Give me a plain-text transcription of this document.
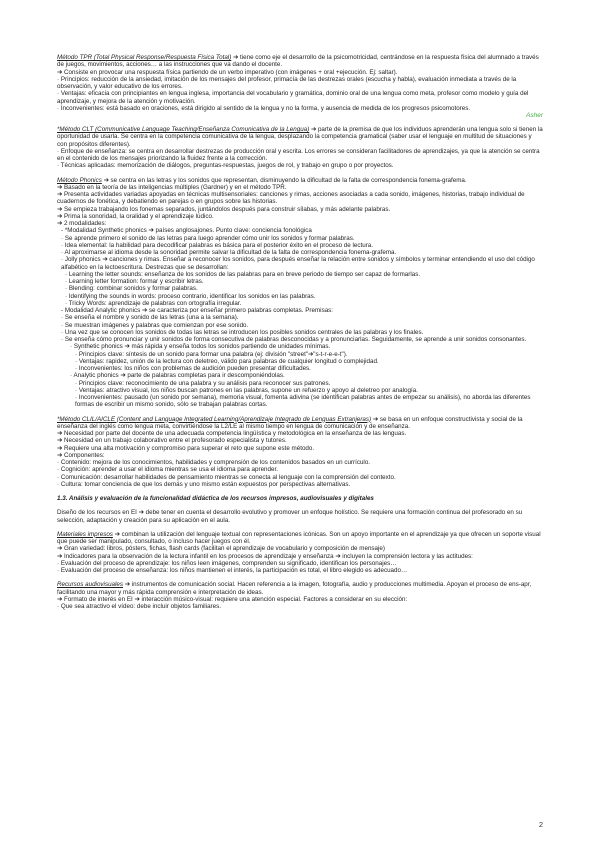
Método TPR (Total Physical Response/Respuesta Física Total) ➔ tiene como eje el desarrollo de la psicomotricidad, centrándose en la respuesta física del alumnado a través de juegos, movimientos, acciones… a las instrucciones que va dando el docente.

➔ Consiste en provocar una respuesta física partiendo de un verbo imperativo (con imágenes + oral +ejecución. Ej: saltar).

· Principios: reducción de la ansiedad, imitación de los mensajes del profesor, primacía de las destrezas orales (escucha y habla), evaluación inmediata a través de la observación, y valor educativo de los errores.

· Ventajas: eficacia con principiantes en lengua inglesa, importancia del vocabulario y gramática, dominio oral de una lengua como meta, profesor como modelo y guía del aprendizaje, y mejora de la atención y motivación.

· Inconvenientes: está basado en oraciones, está dirigido al sentido de la lengua y no la forma, y ausencia de medida de los progresos psicomotores.

Asher

*Método CLT (Communicative Language Teaching/Enseñanza Comunicativa de la Lengua) ➔ parte de la premisa de que los individuos aprenderán una lengua solo si tienen la oportunidad de usarla. Se centra en la competencia comunicativa de la lengua, desplazando la competencia gramatical (saber usar el lenguaje en multitud de situaciones y con propósitos diferentes).

· Enfoque de enseñanza: se centra en desarrollar destrezas de producción oral y escrita. Los errores se consideran facilitadores de aprendizajes, ya que la atención se centra en el contenido de los mensajes priorizando la fluidez frente a la corrección.

· Técnicas aplicadas: memorización de diálogos, preguntas-respuestas, juegos de rol, y trabajo en grupo o por proyectos.

Método Phonics ➔ se centra en las letras y los sonidos que representan, disminuyendo la dificultad de la falta de correspondencia fonema-grafema.

➔ Basado en la teoría de las inteligencias múltiples (Gardner) y en el método TPR.

➔ Presenta actividades variadas apoyadas en técnicas multisensoriales: canciones y rimas, acciones asociadas a cada sonido, imágenes, historias, trabajo individual de cuadernos de fonética, y debatiendo en parejas o en grupos sobre las historias.

➔ Se empieza trabajando los fonemas separados, juntándolos después para construir sílabas, y más adelante palabras.

➔ Prima la sonoridad, la oralidad y el aprendizaje lúdico.

➔ 2 modalidades:

- *Modalidad Synthetic phonics ➔ países anglosajones. Punto clave: conciencia fonológica

· Se aprende primero el sonido de las letras para luego aprender cómo unir los sonidos y formar palabras.

· Idea elemental: la habilidad para decodificar palabras es básica para el posterior éxito en el proceso de lectura.

· Al aproximarse al idioma desde la sonoridad permite salvar la dificultad de la falta de correspondencia fonema-grafema.

· Jolly phonics ➔ canciones y rimas. Enseñar a reconocer los sonidos, para después enseñar la relación entre sonidos y símbolos y terminar entendiendo el uso del código alfabético en la lectoescritura. Destrezas que se desarrollan:

· Learning the letter sounds: enseñanza de los sonidos de las palabras para en breve periodo de tiempo ser capaz de formarlas.

· Learning letter formation: formar y escribir letras.

· Blending: combinar sonidos y formar palabras.

· Identifying the sounds in words: proceso contrario, identificar los sonidos en las palabras.

· Tricky Words: aprendizaje de palabras con ortografía irregular.

- Modalidad Analytic phonics ➔ se caracteriza por enseñar primero palabras completas. Premisas:

· Se enseña el nombre y sonido de las letras (una a la semana).

· Se muestran imágenes y palabras que comienzan por ese sonido.

· Una vez que se conocen los sonidos de todas las letras se introducen los posibles sonidos centrales de las palabras y los finales.

· Se enseña cómo pronunciar y unir sonidos de forma consecutiva de palabras desconocidas y a pronunciarlas. Seguidamente, se aprende a unir sonidos consonantes.

· Synthetic phonics ➔ más rápida y enseña todos los sonidos partiendo de unidades mínimas.

· Principios clave: síntesis de un sonido para formar una palabra (ej: división "street"➔"s-t-r-e-e-t").

· Ventajas: rapidez, unión de la lectura con deletreo, válido para palabras de cualquier longitud o complejidad.

· Inconvenientes: los niños con problemas de audición pueden presentar dificultades.

· Analytic phonics ➔ parte de palabras completas para ir descomponiéndolas.

· Principios clave: reconocimiento de una palabra y su análisis para reconocer sus patrones.

· Ventajas: atractivo visual, los niños buscan patrones en las palabras, supone un refuerzo y apoyo al deletreo por analogía.

· Inconvenientes: pausado (un sonido por semana), memoria visual, fomenta adivina (se identifican palabras antes de empezar su análisis), no aborda las diferentes formas de escribir un mismo sonido, sólo se trabajan palabras cortas.

*Método CLIL/AICLE (Content and Language Integrated Learning/Aprendizaje Integrado de Lenguas Extranjeras) ➔ se basa en un enfoque constructivista y social de la enseñanza del inglés como lengua meta, convirtiéndose la L2/LE al mismo tiempo en lengua de comunicación y de enseñanza.

➔ Necesidad por parte del docente de una adecuada competencia lingüística y metodológica en la enseñanza de las lenguas.

➔ Necesidad en un trabajo colaborativo entre el profesorado especialista y tutores.

➔ Requiere una alta motivación y compromiso para superar el reto que supone este método.

➔ Componentes:

· Contenido: mejora de los conocimientos, habilidades y comprensión de los contenidos basados en un currículo.

· Cognición: aprender a usar el idioma mientras se usa el idioma para aprender.

· Comunicación: desarrollar habilidades de pensamiento mientras se conecta al lenguaje con la comprensión del contexto.

· Cultura: tomar conciencia de que los demás y uno mismo están expuestos por perspectivas alternativas.

1.3. Análisis y evaluación de la funcionalidad didáctica de los recursos impresos, audiovisuales y digitales

Diseño de los recursos en EI ➔ debe tener en cuenta el desarrollo evolutivo y promover un enfoque holístico. Se requiere una formación continua del profesorado en su selección, adaptación y creación para su aplicación en el aula.

Materiales impresos ➔ combinan la utilización del lenguaje textual con representaciones icónicas. Son un apoyo importante en el aprendizaje ya que ofrecen un soporte visual que puede ser manipulado, consultado, o incluso hacer juegos con él.

➔ Gran variedad: libros, pósters, fichas, flash cards (facilitan el aprendizaje de vocabulario y composición de mensaje)

➔ Indicadores para la observación de la lectura infantil en los procesos de aprendizaje y enseñanza ➔ incluyen la comprensión lectora y las actitudes:

· Evaluación del proceso de aprendizaje: los niños leen imágenes, comprenden su significado, identifican los personajes…

· Evaluación del proceso de enseñanza: los niños mantienen el interés, la participación es total, el libro elegido es adecuado…

Recursos audiovisuales ➔ instrumentos de comunicación social. Hacen referencia a la imagen, fotografía, audio y producciones multimedia. Apoyan el proceso de ens-apr, facilitando una mayor y más rápida comprensión e interpretación de ideas.

➔ Formato de interés en EI ➔ interacción músico-visual: requiere una atención especial. Factores a considerar en su elección:

· Que sea atractivo el vídeo: debe incluir objetos familiares.

2
